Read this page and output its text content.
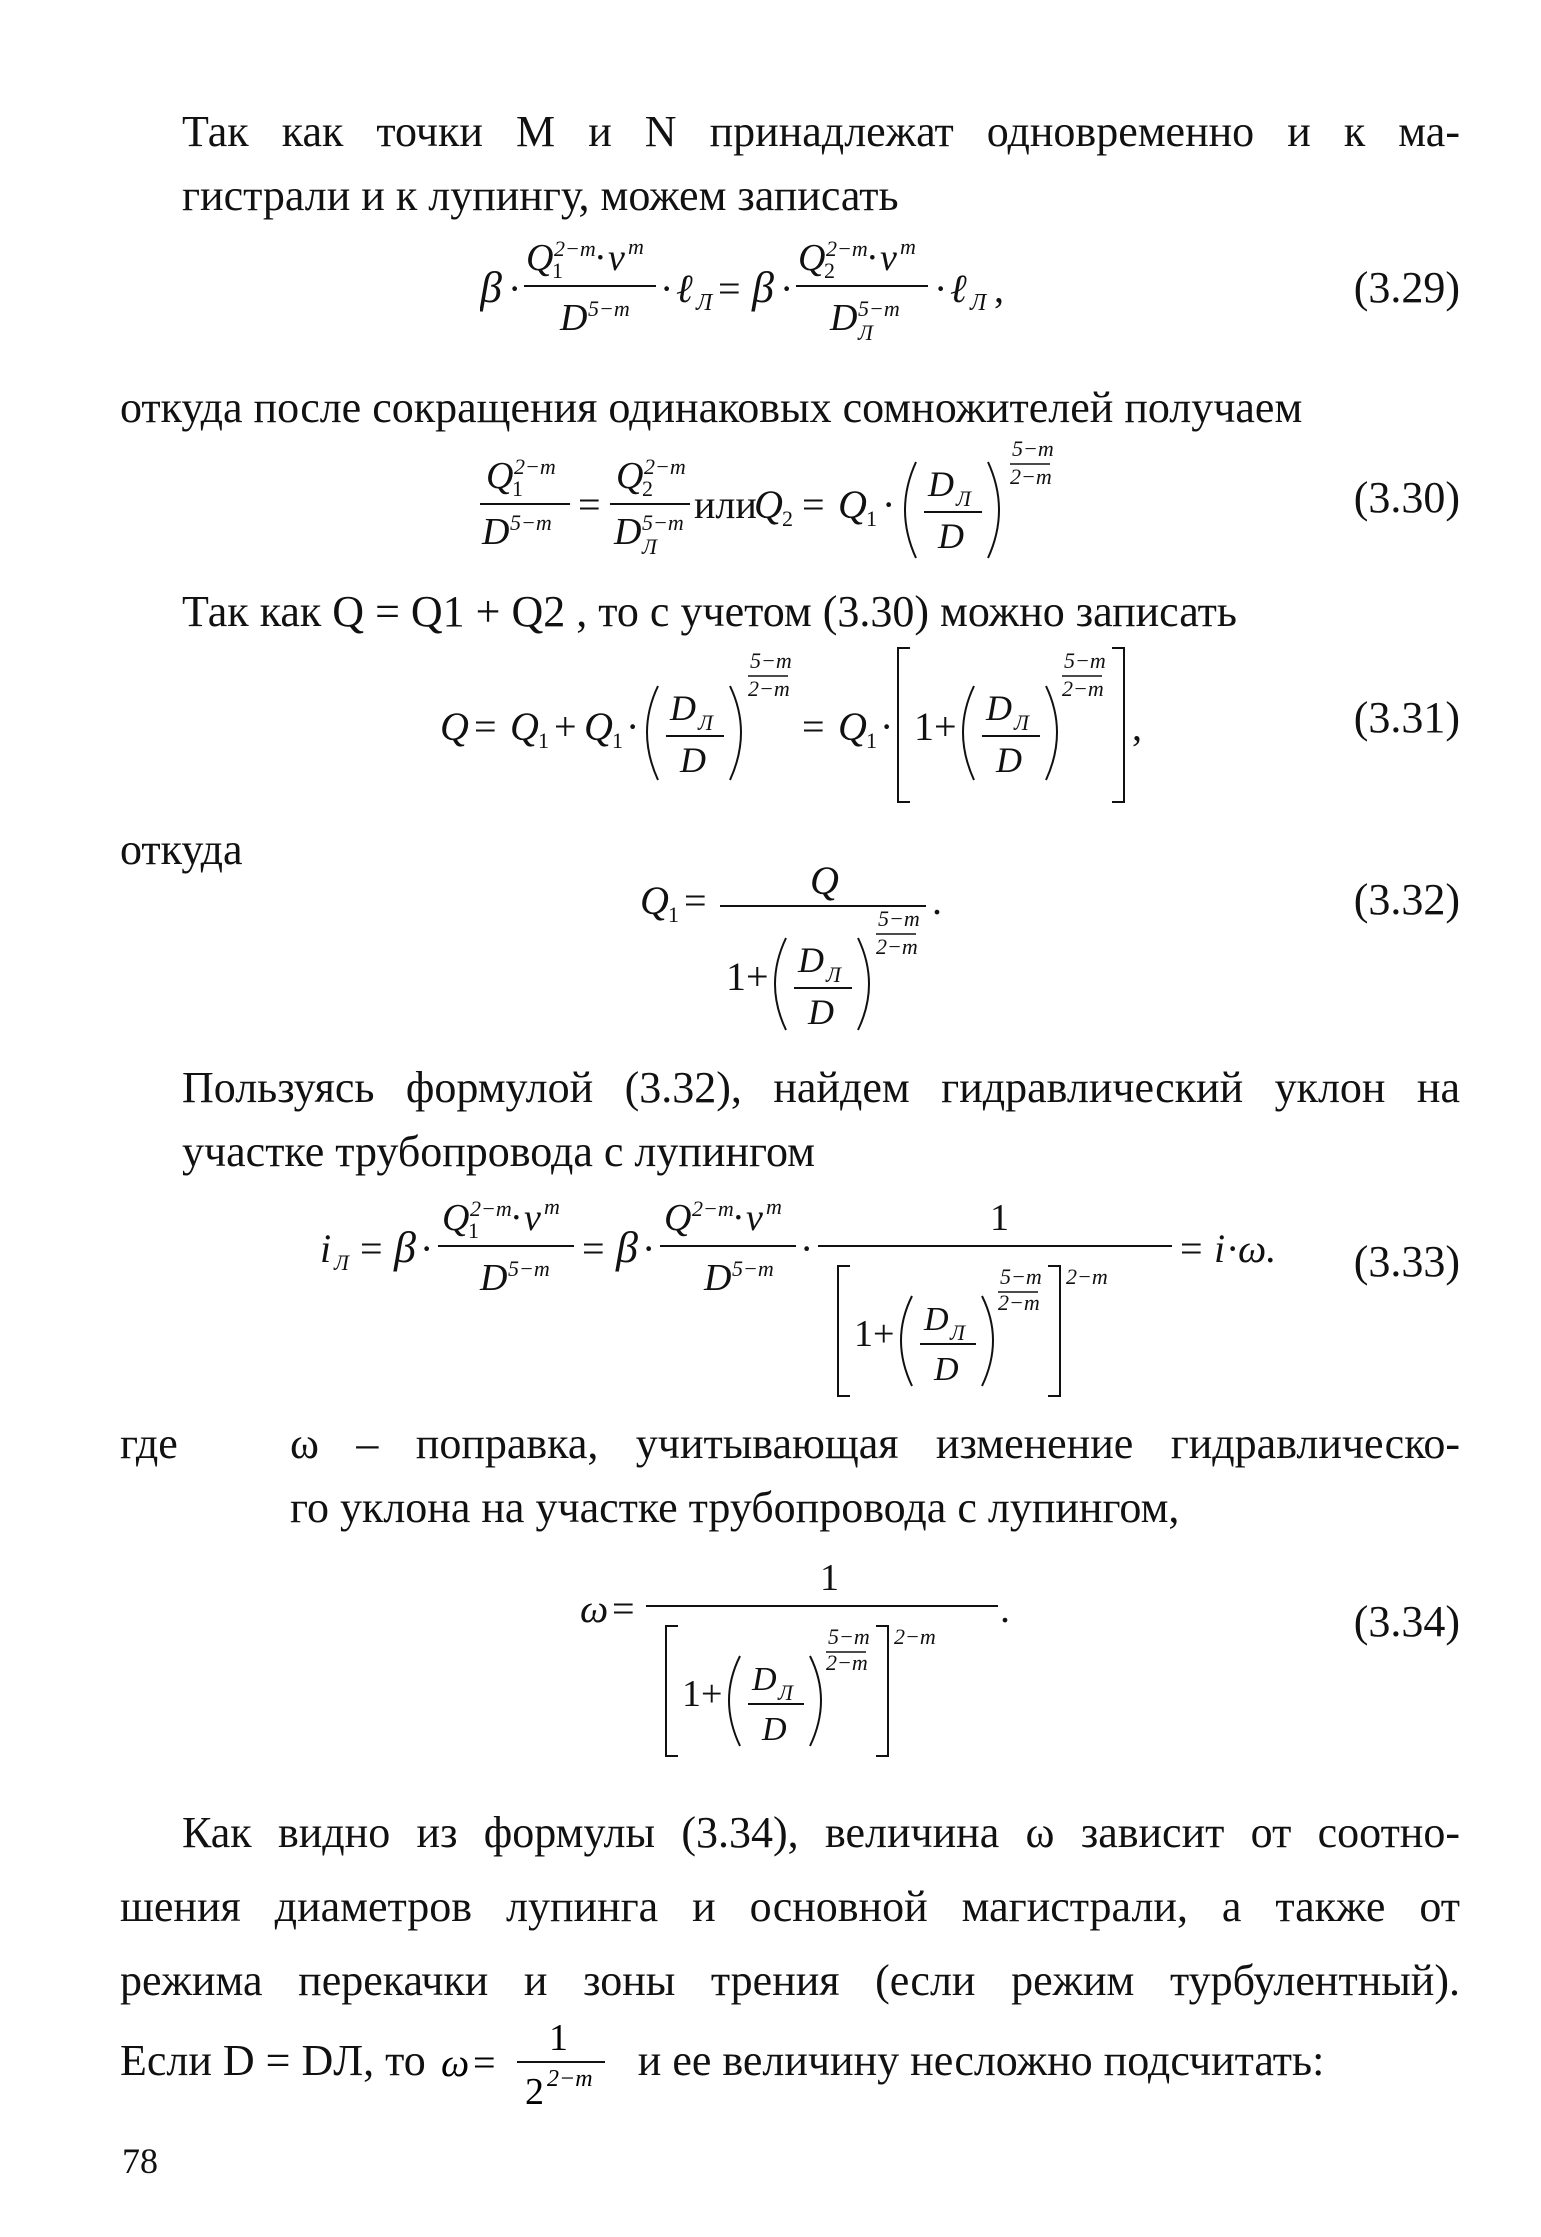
Так как точки M и N принадлежат одновременно и к ма-
гистрали и к лупингу, можем записать

β ·
Q
1
2−m
· ν m
D 5−m · ℓ Л = β ·
Q
2
2−m
· ν m
D Л
5−m · ℓ Л ,	(3.29)

откуда после сокращения одинаковых сомножителей получаем

Q
1
2−m
D 5−m =
Q
2
2−m
D Л
5−m или
Q 2 = Q 1 · D Л
D
5−m
2−m	(3.30)

Так как Q = Q1 + Q2 , то с учетом (3.30) можно записать

Q = Q 1 + Q 1 · D Л
D
5−m
2−m
= Q 1 · 1+ D Л
D
5−m
2−m
,	(3.31)

откуда

Q 1 =	Q .
1+ D Л
D
5−m
2−m
(3.32)

Пользуясь формулой (3.32), найдем гидравлический уклон на
участке трубопровода с лупингом

i Л = β ·
Q
1
2−m
· ν m
D 5−m = β ·
Q 2−m
· ν m
D 5−m ·
1
1+ D Л
D
5−m
2−m
2−m
= i ·
ω.	(3.33)
где	ω – поправка, учитывающая изменение гидравлическо-
го уклона на участке трубопровода с лупингом,
ω =
1
.
1+ D Л
D
5−m
2−m
2−m	(3.34)

Как видно из формулы (3.34), величина ω зависит от соотно-
шения диаметров лупинга и основной магистрали, а также от
режима перекачки и зоны трения (если режим турбулентный).

Если D = DЛ, то ω =
1
2 2−m и ее величину несложно подсчитать:
78
